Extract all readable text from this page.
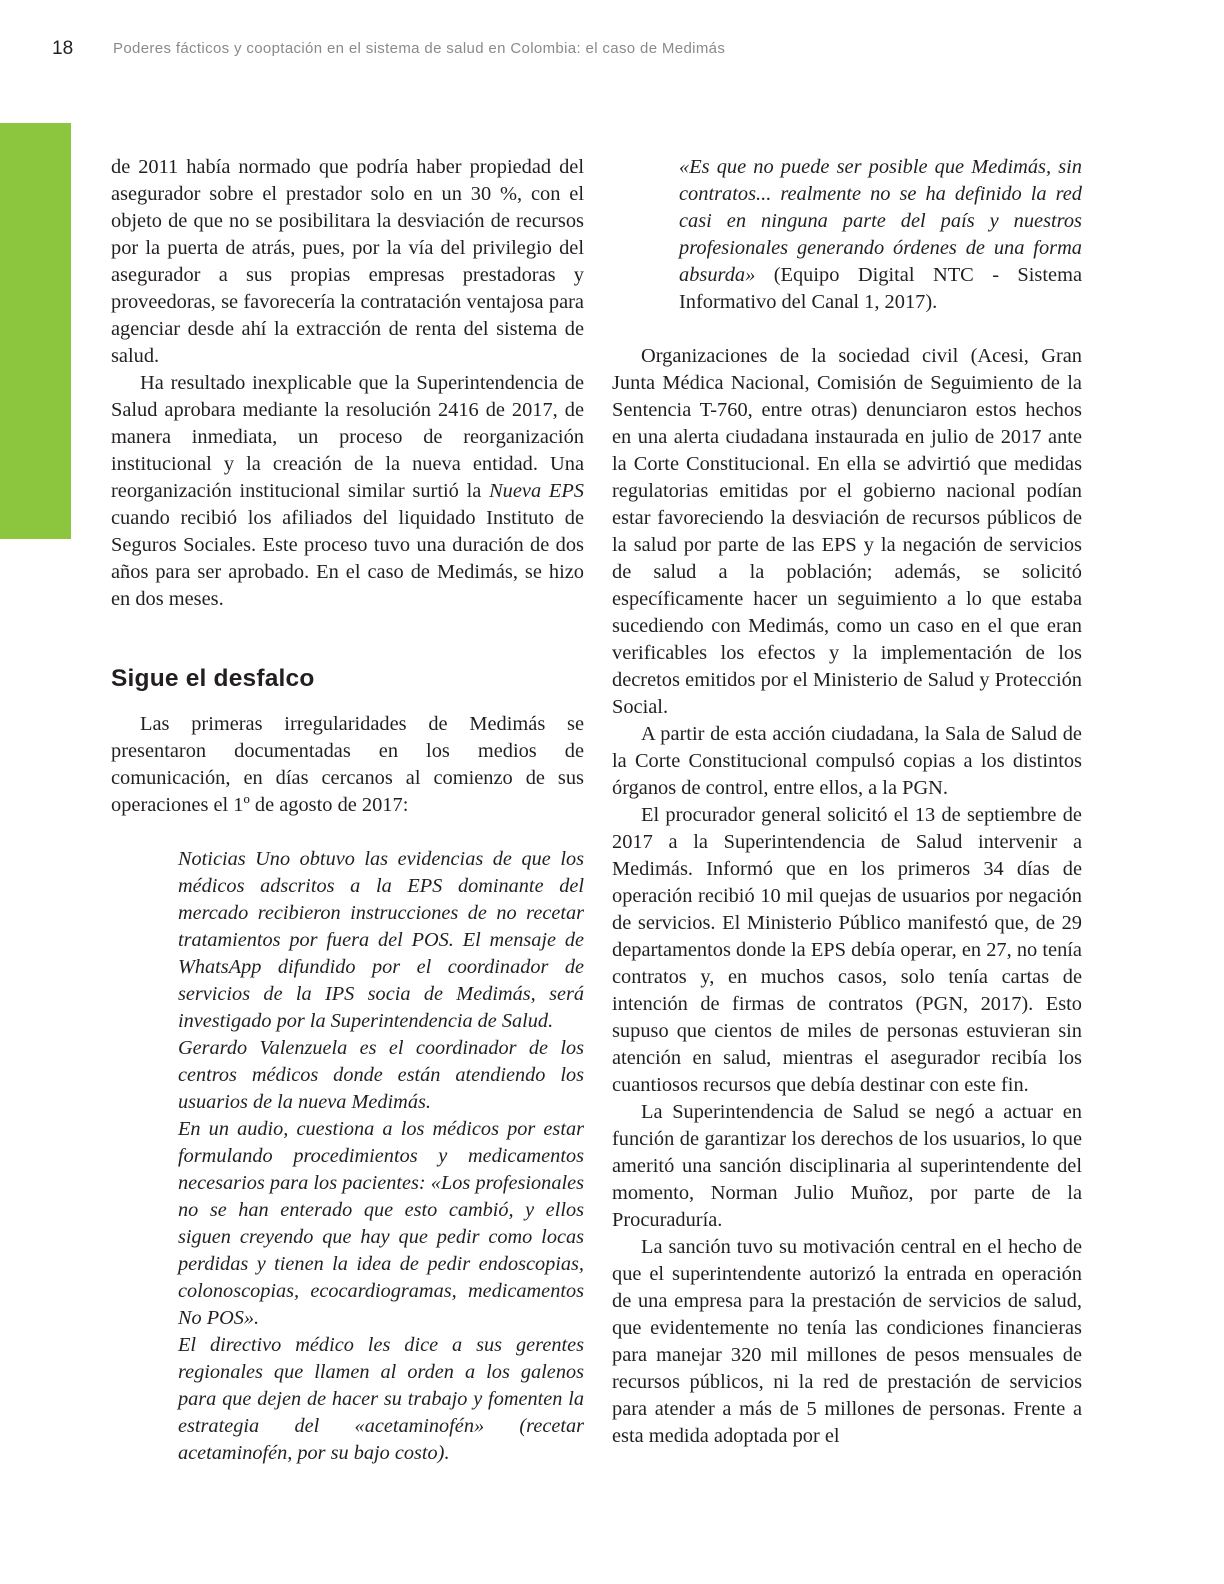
18	Poderes fácticos y cooptación en el sistema de salud en Colombia: el caso de Medimás

de 2011 había normado que podría haber propiedad del asegurador sobre el prestador solo en un 30 %, con el objeto de que no se posibilitara la desviación de recursos por la puerta de atrás, pues, por la vía del privilegio del asegurador a sus propias empresas prestadoras y proveedoras, se favorecería la contratación ventajosa para agenciar desde ahí la extracción de renta del sistema de salud.

Ha resultado inexplicable que la Superintendencia de Salud aprobara mediante la resolución 2416 de 2017, de manera inmediata, un proceso de reorganización institucional y la creación de la nueva entidad. Una reorganización institucional similar surtió la Nueva EPS cuando recibió los afiliados del liquidado Instituto de Seguros Sociales. Este proceso tuvo una duración de dos años para ser aprobado. En el caso de Medimás, se hizo en dos meses.

Sigue el desfalco

Las primeras irregularidades de Medimás se presentaron documentadas en los medios de comunicación, en días cercanos al comienzo de sus operaciones el 1º de agosto de 2017:

Noticias Uno obtuvo las evidencias de que los médicos adscritos a la EPS dominante del mercado recibieron instrucciones de no recetar tratamientos por fuera del POS. El mensaje de WhatsApp difundido por el coordinador de servicios de la IPS socia de Medimás, será investigado por la Superintendencia de Salud.

Gerardo Valenzuela es el coordinador de los centros médicos donde están atendiendo los usuarios de la nueva Medimás.

En un audio, cuestiona a los médicos por estar formulando procedimientos y medicamentos necesarios para los pacientes: «Los profesionales no se han enterado que esto cambió, y ellos siguen creyendo que hay que pedir como locas perdidas y tienen la idea de pedir endoscopias, colonoscopias, ecocardiogramas, medicamentos No POS».

El directivo médico les dice a sus gerentes regionales que llamen al orden a los galenos para que dejen de hacer su trabajo y fomenten la estrategia del «acetaminofén» (recetar acetaminofén, por su bajo costo).

«Es que no puede ser posible que Medimás, sin contratos... realmente no se ha definido la red casi en ninguna parte del país y nuestros profesionales generando órdenes de una forma absurda» (Equipo Digital NTC - Sistema Informativo del Canal 1, 2017).

Organizaciones de la sociedad civil (Acesi, Gran Junta Médica Nacional, Comisión de Seguimiento de la Sentencia T-760, entre otras) denunciaron estos hechos en una alerta ciudadana instaurada en julio de 2017 ante la Corte Constitucional. En ella se advirtió que medidas regulatorias emitidas por el gobierno nacional podían estar favoreciendo la desviación de recursos públicos de la salud por parte de las EPS y la negación de servicios de salud a la población; además, se solicitó específicamente hacer un seguimiento a lo que estaba sucediendo con Medimás, como un caso en el que eran verificables los efectos y la implementación de los decretos emitidos por el Ministerio de Salud y Protección Social.

A partir de esta acción ciudadana, la Sala de Salud de la Corte Constitucional compulsó copias a los distintos órganos de control, entre ellos, a la PGN.

El procurador general solicitó el 13 de septiembre de 2017 a la Superintendencia de Salud intervenir a Medimás. Informó que en los primeros 34 días de operación recibió 10 mil quejas de usuarios por negación de servicios. El Ministerio Público manifestó que, de 29 departamentos donde la EPS debía operar, en 27, no tenía contratos y, en muchos casos, solo tenía cartas de intención de firmas de contratos (PGN, 2017). Esto supuso que cientos de miles de personas estuvieran sin atención en salud, mientras el asegurador recibía los cuantiosos recursos que debía destinar con este fin.

La Superintendencia de Salud se negó a actuar en función de garantizar los derechos de los usuarios, lo que ameritó una sanción disciplinaria al superintendente del momento, Norman Julio Muñoz, por parte de la Procuraduría.

La sanción tuvo su motivación central en el hecho de que el superintendente autorizó la entrada en operación de una empresa para la prestación de servicios de salud, que evidentemente no tenía las condiciones financieras para manejar 320 mil millones de pesos mensuales de recursos públicos, ni la red de prestación de servicios para atender a más de 5 millones de personas. Frente a esta medida adoptada por el
